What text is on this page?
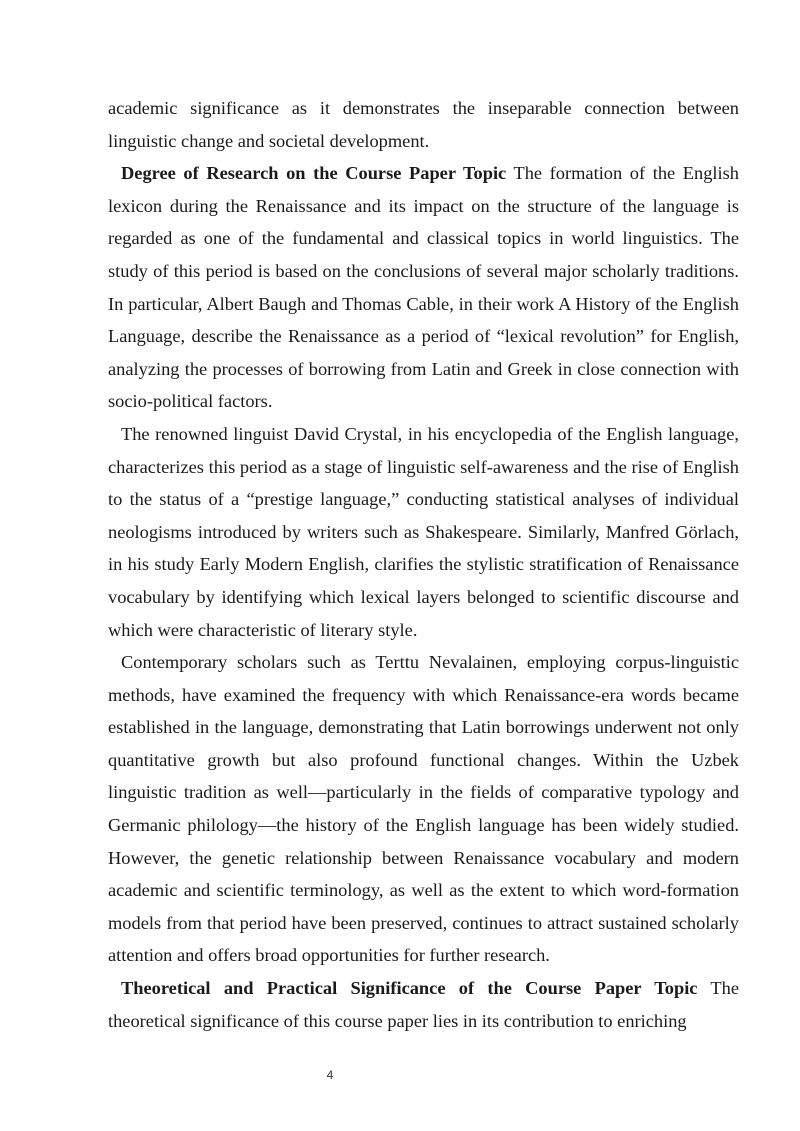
academic significance as it demonstrates the inseparable connection between linguistic change and societal development.

Degree of Research on the Course Paper Topic The formation of the English lexicon during the Renaissance and its impact on the structure of the language is regarded as one of the fundamental and classical topics in world linguistics. The study of this period is based on the conclusions of several major scholarly traditions. In particular, Albert Baugh and Thomas Cable, in their work A History of the English Language, describe the Renaissance as a period of “lexical revolution” for English, analyzing the processes of borrowing from Latin and Greek in close connection with socio-political factors.

The renowned linguist David Crystal, in his encyclopedia of the English language, characterizes this period as a stage of linguistic self-awareness and the rise of English to the status of a “prestige language,” conducting statistical analyses of individual neologisms introduced by writers such as Shakespeare. Similarly, Manfred Görlach, in his study Early Modern English, clarifies the stylistic stratification of Renaissance vocabulary by identifying which lexical layers belonged to scientific discourse and which were characteristic of literary style.

Contemporary scholars such as Terttu Nevalainen, employing corpus-linguistic methods, have examined the frequency with which Renaissance-era words became established in the language, demonstrating that Latin borrowings underwent not only quantitative growth but also profound functional changes. Within the Uzbek linguistic tradition as well—particularly in the fields of comparative typology and Germanic philology—the history of the English language has been widely studied. However, the genetic relationship between Renaissance vocabulary and modern academic and scientific terminology, as well as the extent to which word-formation models from that period have been preserved, continues to attract sustained scholarly attention and offers broad opportunities for further research.

Theoretical and Practical Significance of the Course Paper Topic The theoretical significance of this course paper lies in its contribution to enriching

4
